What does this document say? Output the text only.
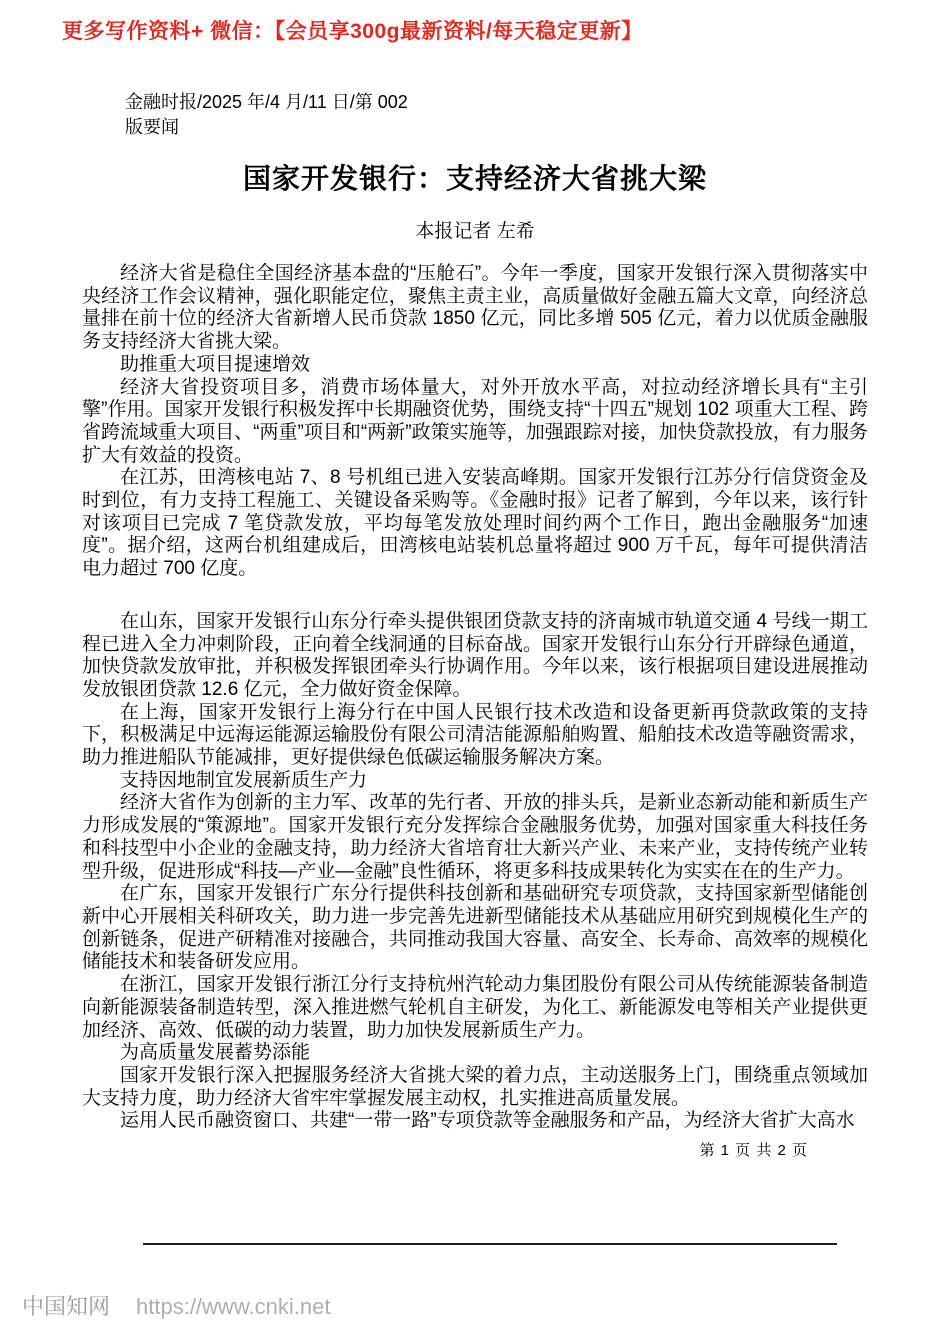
更多写作资料+ 微信：【会员享300g最新资料/每天稳定更新】
金融时报/2025 年/4 月/11 日/第 002
版要闻
国家开发银行：支持经济大省挑大梁
本报记者 左希

经济大省是稳住全国经济基本盘的“压舱石”。今年一季度，国家开发银行深入贯彻落实中央经济工作会议精神，强化职能定位，聚焦主责主业，高质量做好金融五篇大文章，向经济总量排在前十位的经济大省新增人民币贷款 1850 亿元，同比多增 505 亿元，着力以优质金融服务支持经济大省挑大梁。

助推重大项目提速增效

经济大省投资项目多，消费市场体量大，对外开放水平高，对拉动经济增长具有“主引擎”作用。国家开发银行积极发挥中长期融资优势，围绕支持“十四五”规划 102 项重大工程、跨省跨流域重大项目、“两重”项目和“两新”政策实施等，加强跟踪对接，加快贷款投放，有力服务扩大有效益的投资。

在江苏，田湾核电站 7、8 号机组已进入安装高峰期。国家开发银行江苏分行信贷资金及时到位，有力支持工程施工、关键设备采购等。《金融时报》记者了解到，今年以来，该行针对该项目已完成 7 笔贷款发放，平均每笔发放处理时间约两个工作日，跑出金融服务“加速度”。据介绍，这两台机组建成后，田湾核电站装机总量将超过 900 万千瓦，每年可提供清洁电力超过 700 亿度。

在山东，国家开发银行山东分行牵头提供银团贷款支持的济南城市轨道交通 4 号线一期工程已进入全力冲刺阶段，正向着全线洞通的目标奋战。国家开发银行山东分行开辟绿色通道，加快贷款发放审批，并积极发挥银团牵头行协调作用。今年以来，该行根据项目建设进展推动发放银团贷款 12.6 亿元，全力做好资金保障。

在上海，国家开发银行上海分行在中国人民银行技术改造和设备更新再贷款政策的支持下，积极满足中远海运能源运输股份有限公司清洁能源船舶购置、船舶技术改造等融资需求，助力推进船队节能减排，更好提供绿色低碳运输服务解决方案。

支持因地制宜发展新质生产力

经济大省作为创新的主力军、改革的先行者、开放的排头兵，是新业态新动能和新质生产力形成发展的“策源地”。国家开发银行充分发挥综合金融服务优势，加强对国家重大科技任务和科技型中小企业的金融支持，助力经济大省培育壮大新兴产业、未来产业，支持传统产业转型升级，促进形成“科技—产业—金融”良性循环，将更多科技成果转化为实实在在的生产力。

在广东，国家开发银行广东分行提供科技创新和基础研究专项贷款，支持国家新型储能创新中心开展相关科研攻关，助力进一步完善先进新型储能技术从基础应用研究到规模化生产的创新链条，促进产研精准对接融合，共同推动我国大容量、高安全、长寿命、高效率的规模化储能技术和装备研发应用。

在浙江，国家开发银行浙江分行支持杭州汽轮动力集团股份有限公司从传统能源装备制造向新能源装备制造转型，深入推进燃气轮机自主研发，为化工、新能源发电等相关产业提供更加经济、高效、低碳的动力装置，助力加快发展新质生产力。

为高质量发展蓄势添能

国家开发银行深入把握服务经济大省挑大梁的着力点，主动送服务上门，围绕重点领域加大支持力度，助力经济大省牢牢掌握发展主动权，扎实推进高质量发展。

运用人民币融资窗口、共建“一带一路”专项贷款等金融服务和产品，为经济大省扩大高水

第 1 页 共 2 页
中国知网 https://www.cnki.net
